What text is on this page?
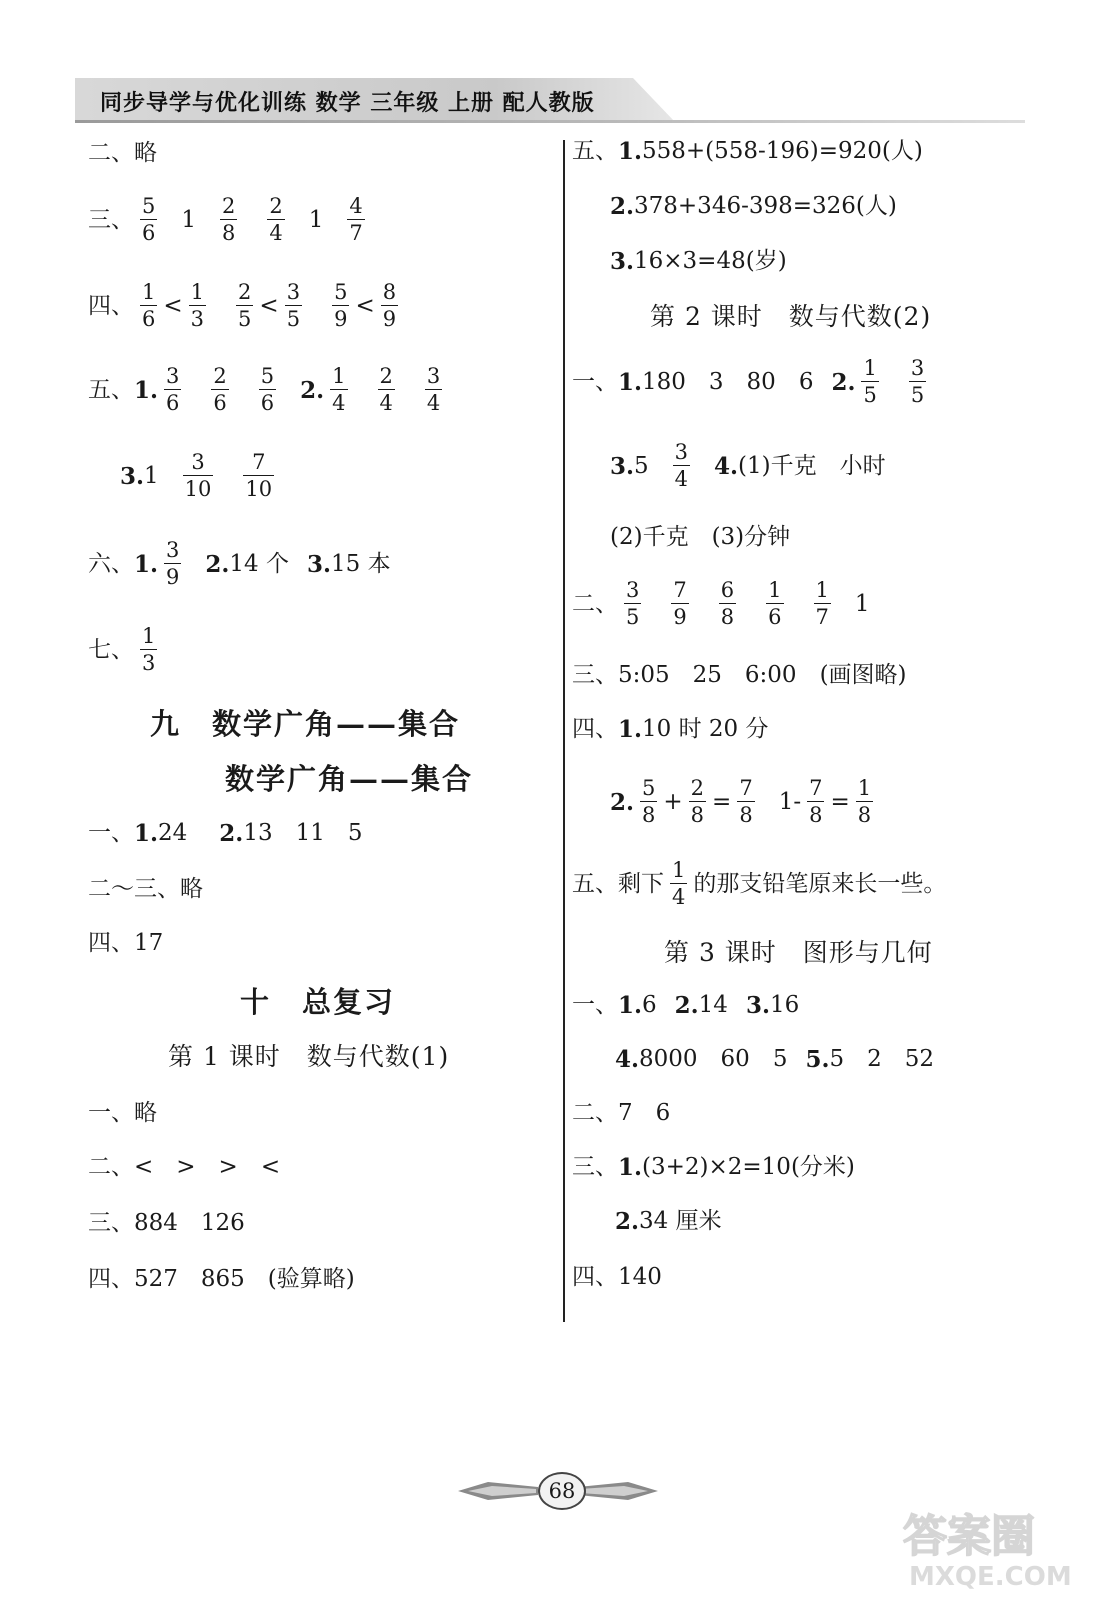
同步导学与优化训练 数学 三年级 上册 配人教版
二、略
三、 $\frac{5}{6} 1 \frac{2}{8} \frac{2}{4} 1 \frac{4}{7}$
四、 $\frac{1}{6} < \frac{1}{3} \frac{2}{5} < \frac{3}{5} \frac{5}{9} < \frac{8}{9}$
五、 1. $\frac{3}{6} \frac{2}{6} \frac{5}{6} 2$. $\frac{1}{4} \frac{2}{4} \frac{3}{4}$
3. $1 \frac{3}{10} \frac{7}{10}$
六、 1. $\frac{3}{9} 2$. 14 个 3. 15 本
七、 $\frac{1}{3}$
九　数学广角——集合
数学广角——集合
一、 1. 24 2. 13　11　5
二～三、略
四、17
十　总复习
第 1 课时　数与代数(1)
一、略
二、<　>　>　<
三、884　126
四、527　865　(验算略)
五、 1. 558+(558-196)=920(人)
2. 378+346-398=326(人)
3. 16×3=48(岁)
第 2 课时　数与代数(2)
一、 1. 180　3　80　6 2. $\frac{1}{5} \frac{3}{5}$
3. $5 \frac{3}{4} 4$. (1)千克　小时
(2)千克　(3)分钟
二、 $\frac{3}{5} \frac{7}{9} \frac{6}{8} \frac{1}{6} \frac{1}{7} 1$
三、5:05　25　6:00　(画图略)
四、 1. 10 时 20 分
2. $\frac{5}{8} + \frac{2}{8} = \frac{7}{8} 1- \frac{7}{8} = \frac{1}{8}$
五、剩下 $\frac{1}{4}$ 的那支铅笔原来长一些。
第 3 课时　图形与几何
一、 1. 6 2. 14 3. 16
4. 8000　60　5 5. 5　2　52
二、7　6
三、 1. (3+2)×2=10(分米)
2. 34 厘米
四、140
68
答案圈
MXQE.COM
